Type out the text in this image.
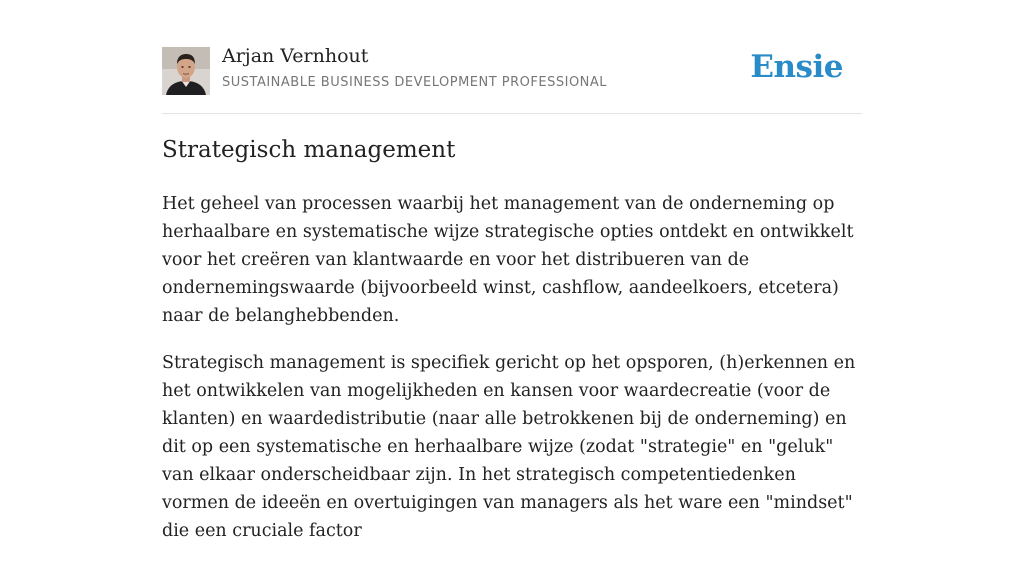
Arjan Vernhout
SUSTAINABLE BUSINESS DEVELOPMENT PROFESSIONAL	Ensie
Strategisch management

Het geheel van processen waarbij het management van de onderneming op herhaalbare en systematische wijze strategische opties ontdekt en ontwikkelt voor het creëren van klantwaarde en voor het distribueren van de ondernemingswaarde (bijvoorbeeld winst, cashflow, aandeelkoers, etcetera) naar de belanghebbenden.

Strategisch management is specifiek gericht op het opsporen, (h)erkennen en het ontwikkelen van mogelijkheden en kansen voor waardecreatie (voor de klanten) en waardedistributie (naar alle betrokkenen bij de onderneming) en dit op een systematische en herhaalbare wijze (zodat "strategie" en "geluk" van elkaar onderscheidbaar zijn. In het strategisch competentiedenken vormen de ideeën en overtuigingen van managers als het ware een "mindset" die een cruciale factor
